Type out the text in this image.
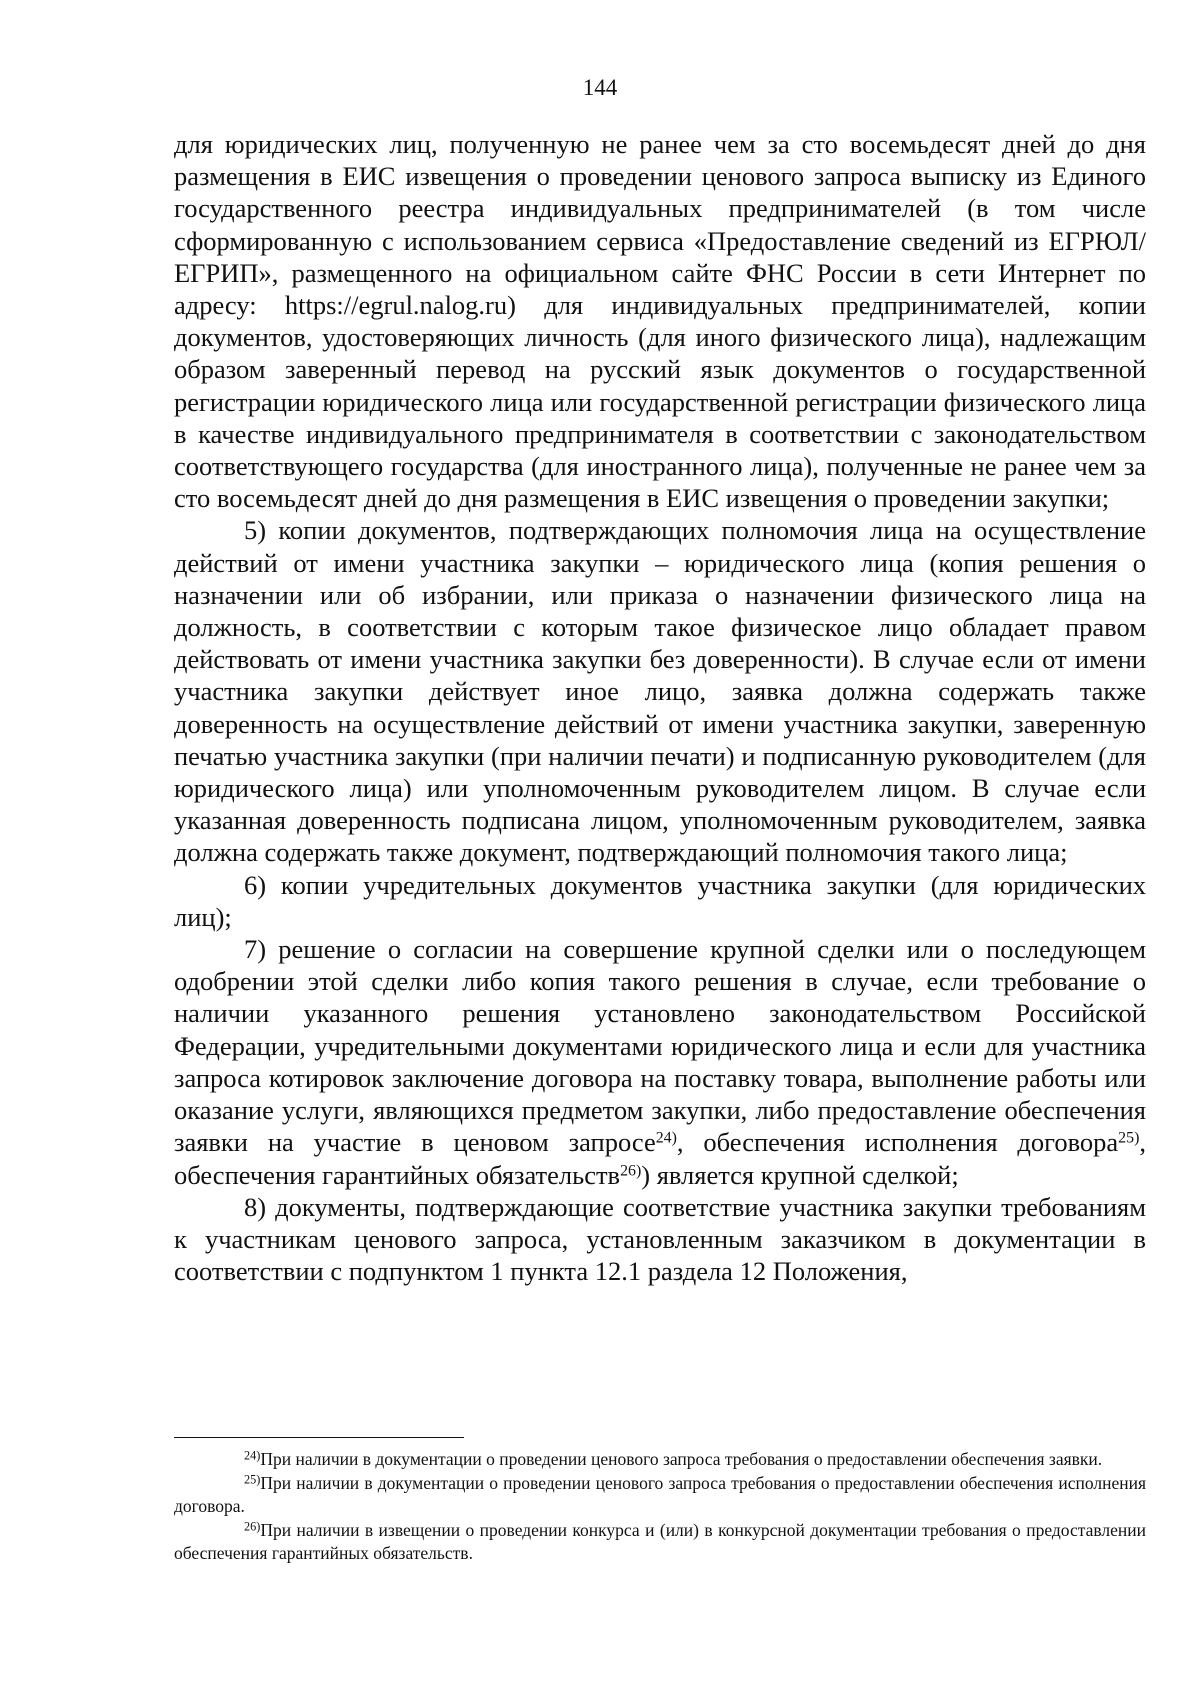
144

для юридических лиц, полученную не ранее чем за сто восемьдесят дней до дня размещения в ЕИС извещения о проведении ценового запроса выписку из Единого государственного реестра индивидуальных предпринимателей (в том числе сформированную с использованием сервиса «Предоставление сведений из ЕГРЮЛ/ЕГРИП», размещенного на официальном сайте ФНС России в сети Интернет по адресу: https://egrul.nalog.ru) для индивидуальных предпринимателей, копии документов, удостоверяющих личность (для иного физического лица), надлежащим образом заверенный перевод на русский язык документов о государственной регистрации юридического лица или государственной регистрации физического лица в качестве индивидуального предпринимателя в соответствии с законодательством соответствующего государства (для иностранного лица), полученные не ранее чем за сто восемьдесят дней до дня размещения в ЕИС извещения о проведении закупки;

5) копии документов, подтверждающих полномочия лица на осуществление действий от имени участника закупки – юридического лица (копия решения о назначении или об избрании, или приказа о назначении физического лица на должность, в соответствии с которым такое физическое лицо обладает правом действовать от имени участника закупки без доверенности). В случае если от имени участника закупки действует иное лицо, заявка должна содержать также доверенность на осуществление действий от имени участника закупки, заверенную печатью участника закупки (при наличии печати) и подписанную руководителем (для юридического лица) или уполномоченным руководителем лицом. В случае если указанная доверенность подписана лицом, уполномоченным руководителем, заявка должна содержать также документ, подтверждающий полномочия такого лица;

6) копии учредительных документов участника закупки (для юридических лиц);

7) решение о согласии на совершение крупной сделки или о последующем одобрении этой сделки либо копия такого решения в случае, если требование о наличии указанного решения установлено законодательством Российской Федерации, учредительными документами юридического лица и если для участника запроса котировок заключение договора на поставку товара, выполнение работы или оказание услуги, являющихся предметом закупки, либо предоставление обеспечения заявки на участие в ценовом запросе$^{24)}$, обеспечения исполнения договора$^{25)}$, обеспечения гарантийных обязательств$^{26)}$) является крупной сделкой;

8) документы, подтверждающие соответствие участника закупки требованиям к участникам ценового запроса, установленным заказчиком в документации в соответствии с подпунктом 1 пункта 12.1 раздела 12 Положения,

$^{24)}$При наличии в документации о проведении ценового запроса требования о предоставлении обеспечения заявки.

$^{25)}$При наличии в документации о проведении ценового запроса требования о предоставлении обеспечения исполнения договора.

$^{26)}$При наличии в извещении о проведении конкурса и (или) в конкурсной документации требования о предоставлении обеспечения гарантийных обязательств.
